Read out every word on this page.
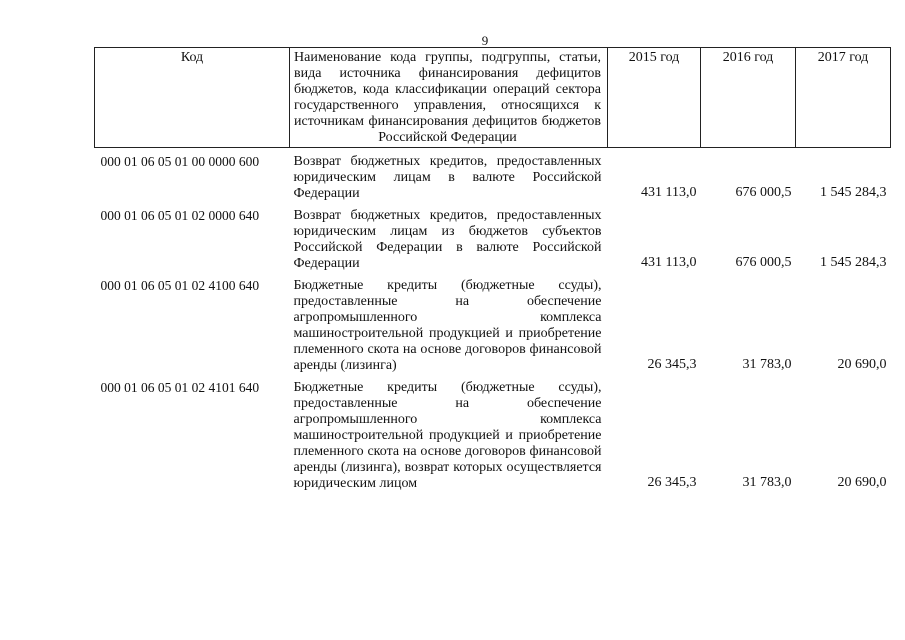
9
Код	Наименование кода группы, подгруппы, статьи, вида источника финансирования дефицитов бюджетов, кода классификации операций сектора государственного управления, относящихся к источникам финансирования дефицитов бюджетов Российской Федерации	2015 год	2016 год	2017 год
000 01 06 05 01 00 0000 600	Возврат бюджетных кредитов, предоставленных юридическим лицам в валюте Российской Федерации	431 113,0	676 000,5	1 545 284,3
000 01 06 05 01 02 0000 640	Возврат бюджетных кредитов, предоставленных юридическим лицам из бюджетов субъектов Российской Федерации в валюте Российской Федерации	431 113,0	676 000,5	1 545 284,3
000 01 06 05 01 02 4100 640	Бюджетные кредиты (бюджетные ссуды), предоставленные на обеспечение агропромышленного комплекса машиностроительной продукцией и приобретение племенного скота на основе договоров финансовой аренды (лизинга)	26 345,3	31 783,0	20 690,0
000 01 06 05 01 02 4101 640	Бюджетные кредиты (бюджетные ссуды), предоставленные на обеспечение агропромышленного комплекса машиностроительной продукцией и приобретение племенного скота на основе договоров финансовой аренды (лизинга), возврат которых осуществляется юридическим лицом	26 345,3	31 783,0	20 690,0
